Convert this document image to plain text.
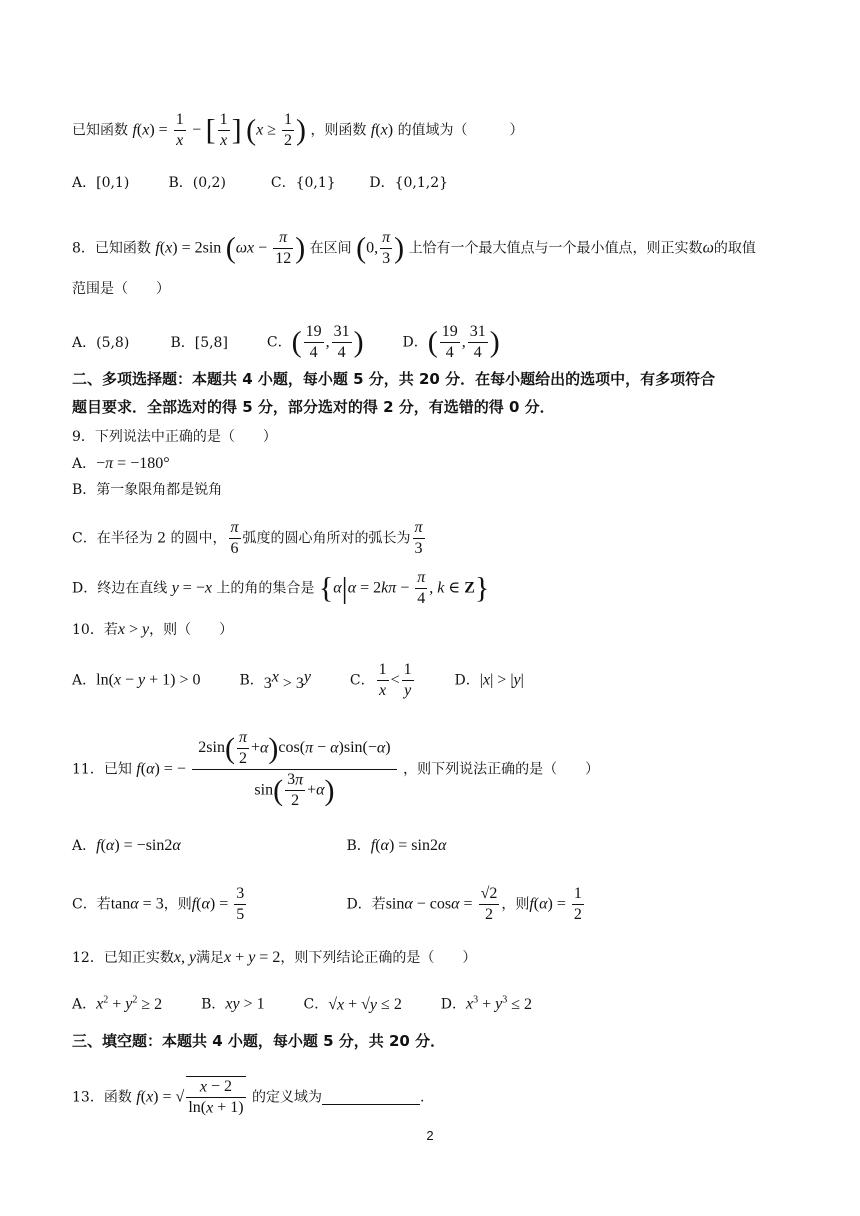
已知函数 $f(x) = \frac{1}{x}$ − [ $\frac{1}{x}$ ] ($x \ge \frac{1}{2}$ ) ，则函数 f(x) 的值域为（　　　）
A．[0,1)	B．(0,2)	C．{0,1} D．{0,1,2}
8．已知函数 f(x) = 2sin ($\omega x - \frac{\pi}{12}$ ) 在区间 (0, $\frac{\pi}{3}$ ) 上恰有一个最大值点与一个最小值点，则正实数ω的取值
范围是（　　）
A．(5,8)	B．[5,8]	C．( $\frac{19}{4}$ , $\frac{31}{4}$ )	D．( $\frac{19}{4}$ , $\frac{31}{4}$ )
二、多项选择题：本题共 4 小题，每小题 5 分，共 20 分．在每小题给出的选项中，有多项符合
题目要求．全部选对的得 5 分，部分选对的得 2 分，有选错的得 0 分．
9．下列说法中正确的是（　　）
A．−π = −180°
B．第一象限角都是锐角
C．在半径为 2 的圆中， $\frac{\pi}{6}$ 弧度的圆心角所对的弧长为 $\frac{\pi}{3}$
D．终边在直线 y = −x 上的角的集合是 {$\alpha|\alpha = 2k\pi - \frac{\pi}{4}$ , k ∈ Z}
10．若x > y，则（　　）
A．ln(x − y + 1) > 0	B．$3^x > 3^y$	C． $\frac{1}{x} < \frac{1}{y}$	D．|x| > |y|
11．已知 f(α) = − $\frac{2\sin( \frac{\pi}{2} +\alpha)\cos(\pi - \alpha)\sin(-\alpha)}{\sin( \frac{3\pi}{2} +\alpha)}$ ，则下列说法正确的是（　　）
A．f(α) = −sin2α	B．f(α) = sin2α
C．若tanα = 3，则$f(\alpha) = \frac{3}{5}$	D．若$\sin\alpha - \cos\alpha = \frac{√2}{2}$ ，则$f(\alpha) = \frac{1}{2}$
12．已知正实数x, y满足x + y = 2，则下列结论正确的是（　　）
A．$x^2 + y^2 \ge 2$	B．xy > 1	C．√x + √y ≤ 2	D．$x^3 + y^3 \le 2$
三、填空题：本题共 4 小题，每小题 5 分，共 20 分．
13．函数 f(x) = √ $\frac{x - 2}{\ln(x + 1)}$ 的定义域为	.
2
